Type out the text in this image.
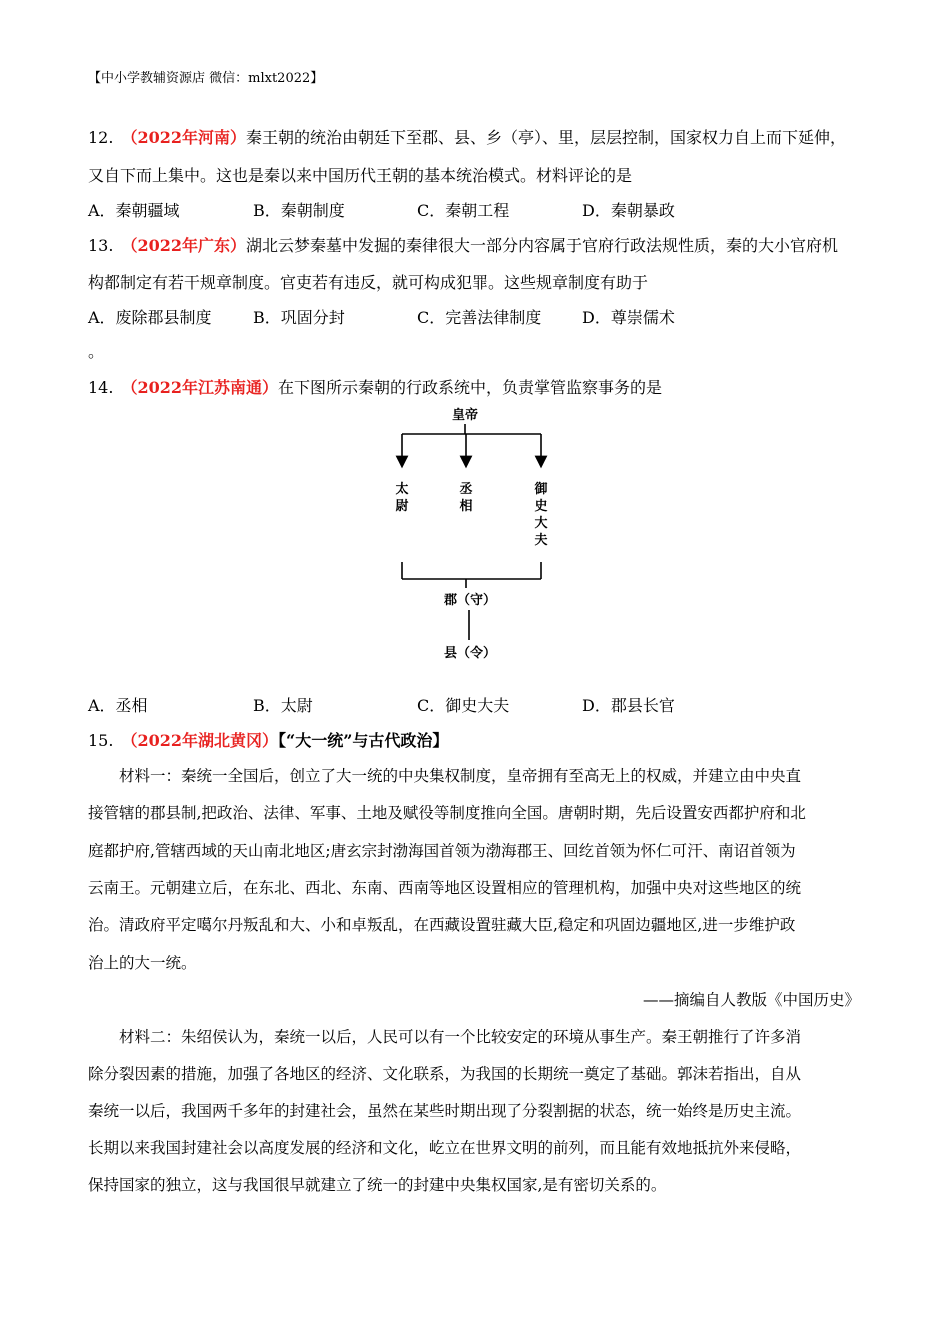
【中小学教辅资源店 微信：mlxt2022】
12. （2022年河南）秦王朝的统治由朝廷下至郡、县、乡（亭）、里，层层控制，国家权力自上而下延伸，
又自下而上集中。这也是秦以来中国历代王朝的基本统治模式。材料评论的是
A．秦朝疆域	B．秦朝制度	C．秦朝工程	D．秦朝暴政
13. （2022年广东）湖北云梦秦墓中发掘的秦律很大一部分内容属于官府行政法规性质，秦的大小官府机
构都制定有若干规章制度。官吏若有违反，就可构成犯罪。这些规章制度有助于
A．废除郡县制度	B．巩固分封	C．完善法律制度	D．尊崇儒术
。
14. （2022年江苏南通）在下图所示秦朝的行政系统中，负责掌管监察事务的是
皇帝
太尉
丞相
御史大夫
郡（守）
县（令）
A．丞相	B．太尉	C．御史大夫	D．郡县长官
15. （2022年湖北黄冈）【“大一统”与古代政治】
材料一：秦统一全国后，创立了大一统的中央集权制度，皇帝拥有至高无上的权威，并建立由中央直
接管辖的郡县制,把政治、法律、军事、土地及赋役等制度推向全国。唐朝时期，先后设置安西都护府和北
庭都护府,管辖西域的天山南北地区;唐玄宗封渤海国首领为渤海郡王、回纥首领为怀仁可汗、南诏首领为
云南王。元朝建立后，在东北、西北、东南、西南等地区设置相应的管理机构，加强中央对这些地区的统
治。清政府平定噶尔丹叛乱和大、小和卓叛乱，在西藏设置驻藏大臣,稳定和巩固边疆地区,进一步维护政
治上的大一统。
——摘编自人教版《中国历史》
材料二：朱绍侯认为，秦统一以后，人民可以有一个比较安定的环境从事生产。秦王朝推行了许多消
除分裂因素的措施，加强了各地区的经济、文化联系，为我国的长期统一奠定了基础。郭沫若指出，自从
秦统一以后，我国两千多年的封建社会，虽然在某些时期出现了分裂割据的状态，统一始终是历史主流。
长期以来我国封建社会以高度发展的经济和文化，屹立在世界文明的前列，而且能有效地抵抗外来侵略，
保持国家的独立，这与我国很早就建立了统一的封建中央集权国家,是有密切关系的。
